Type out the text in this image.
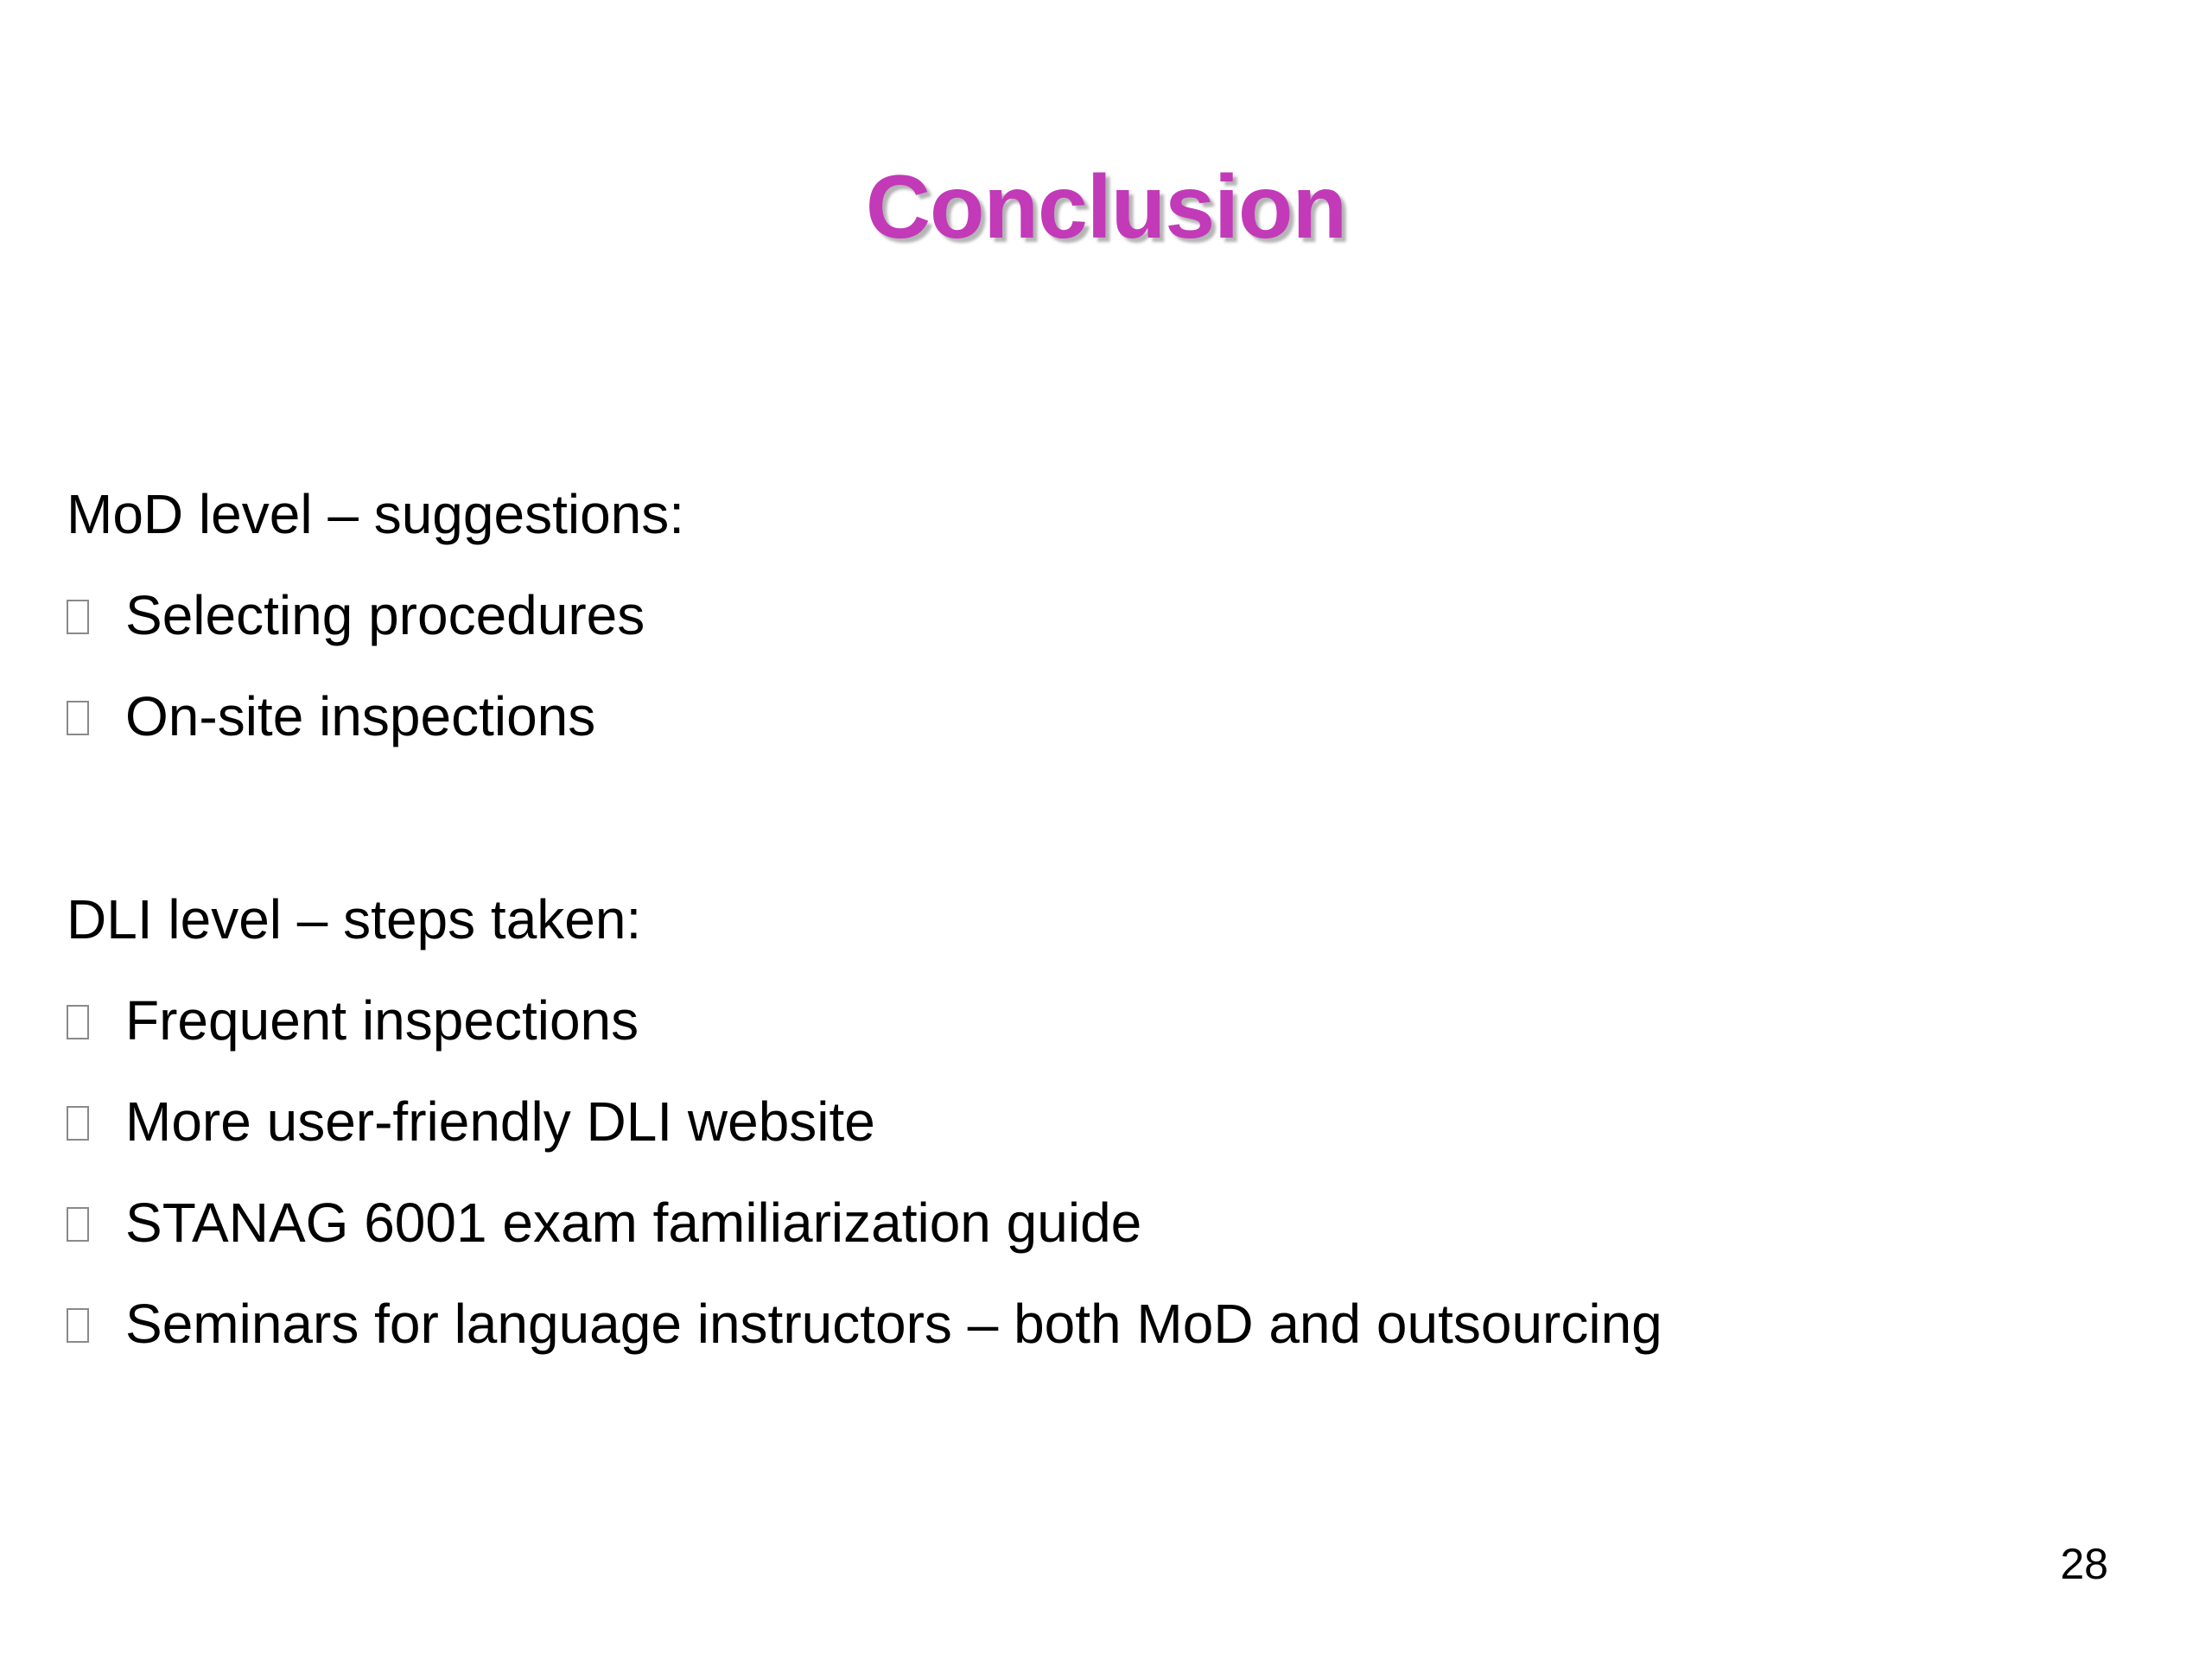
Conclusion
MoD level – suggestions:
Selecting procedures
On-site inspections
DLI level – steps taken:
Frequent inspections
More user-friendly DLI website
STANAG 6001 exam familiarization guide
Seminars for language instructors – both MoD and outsourcing
28
